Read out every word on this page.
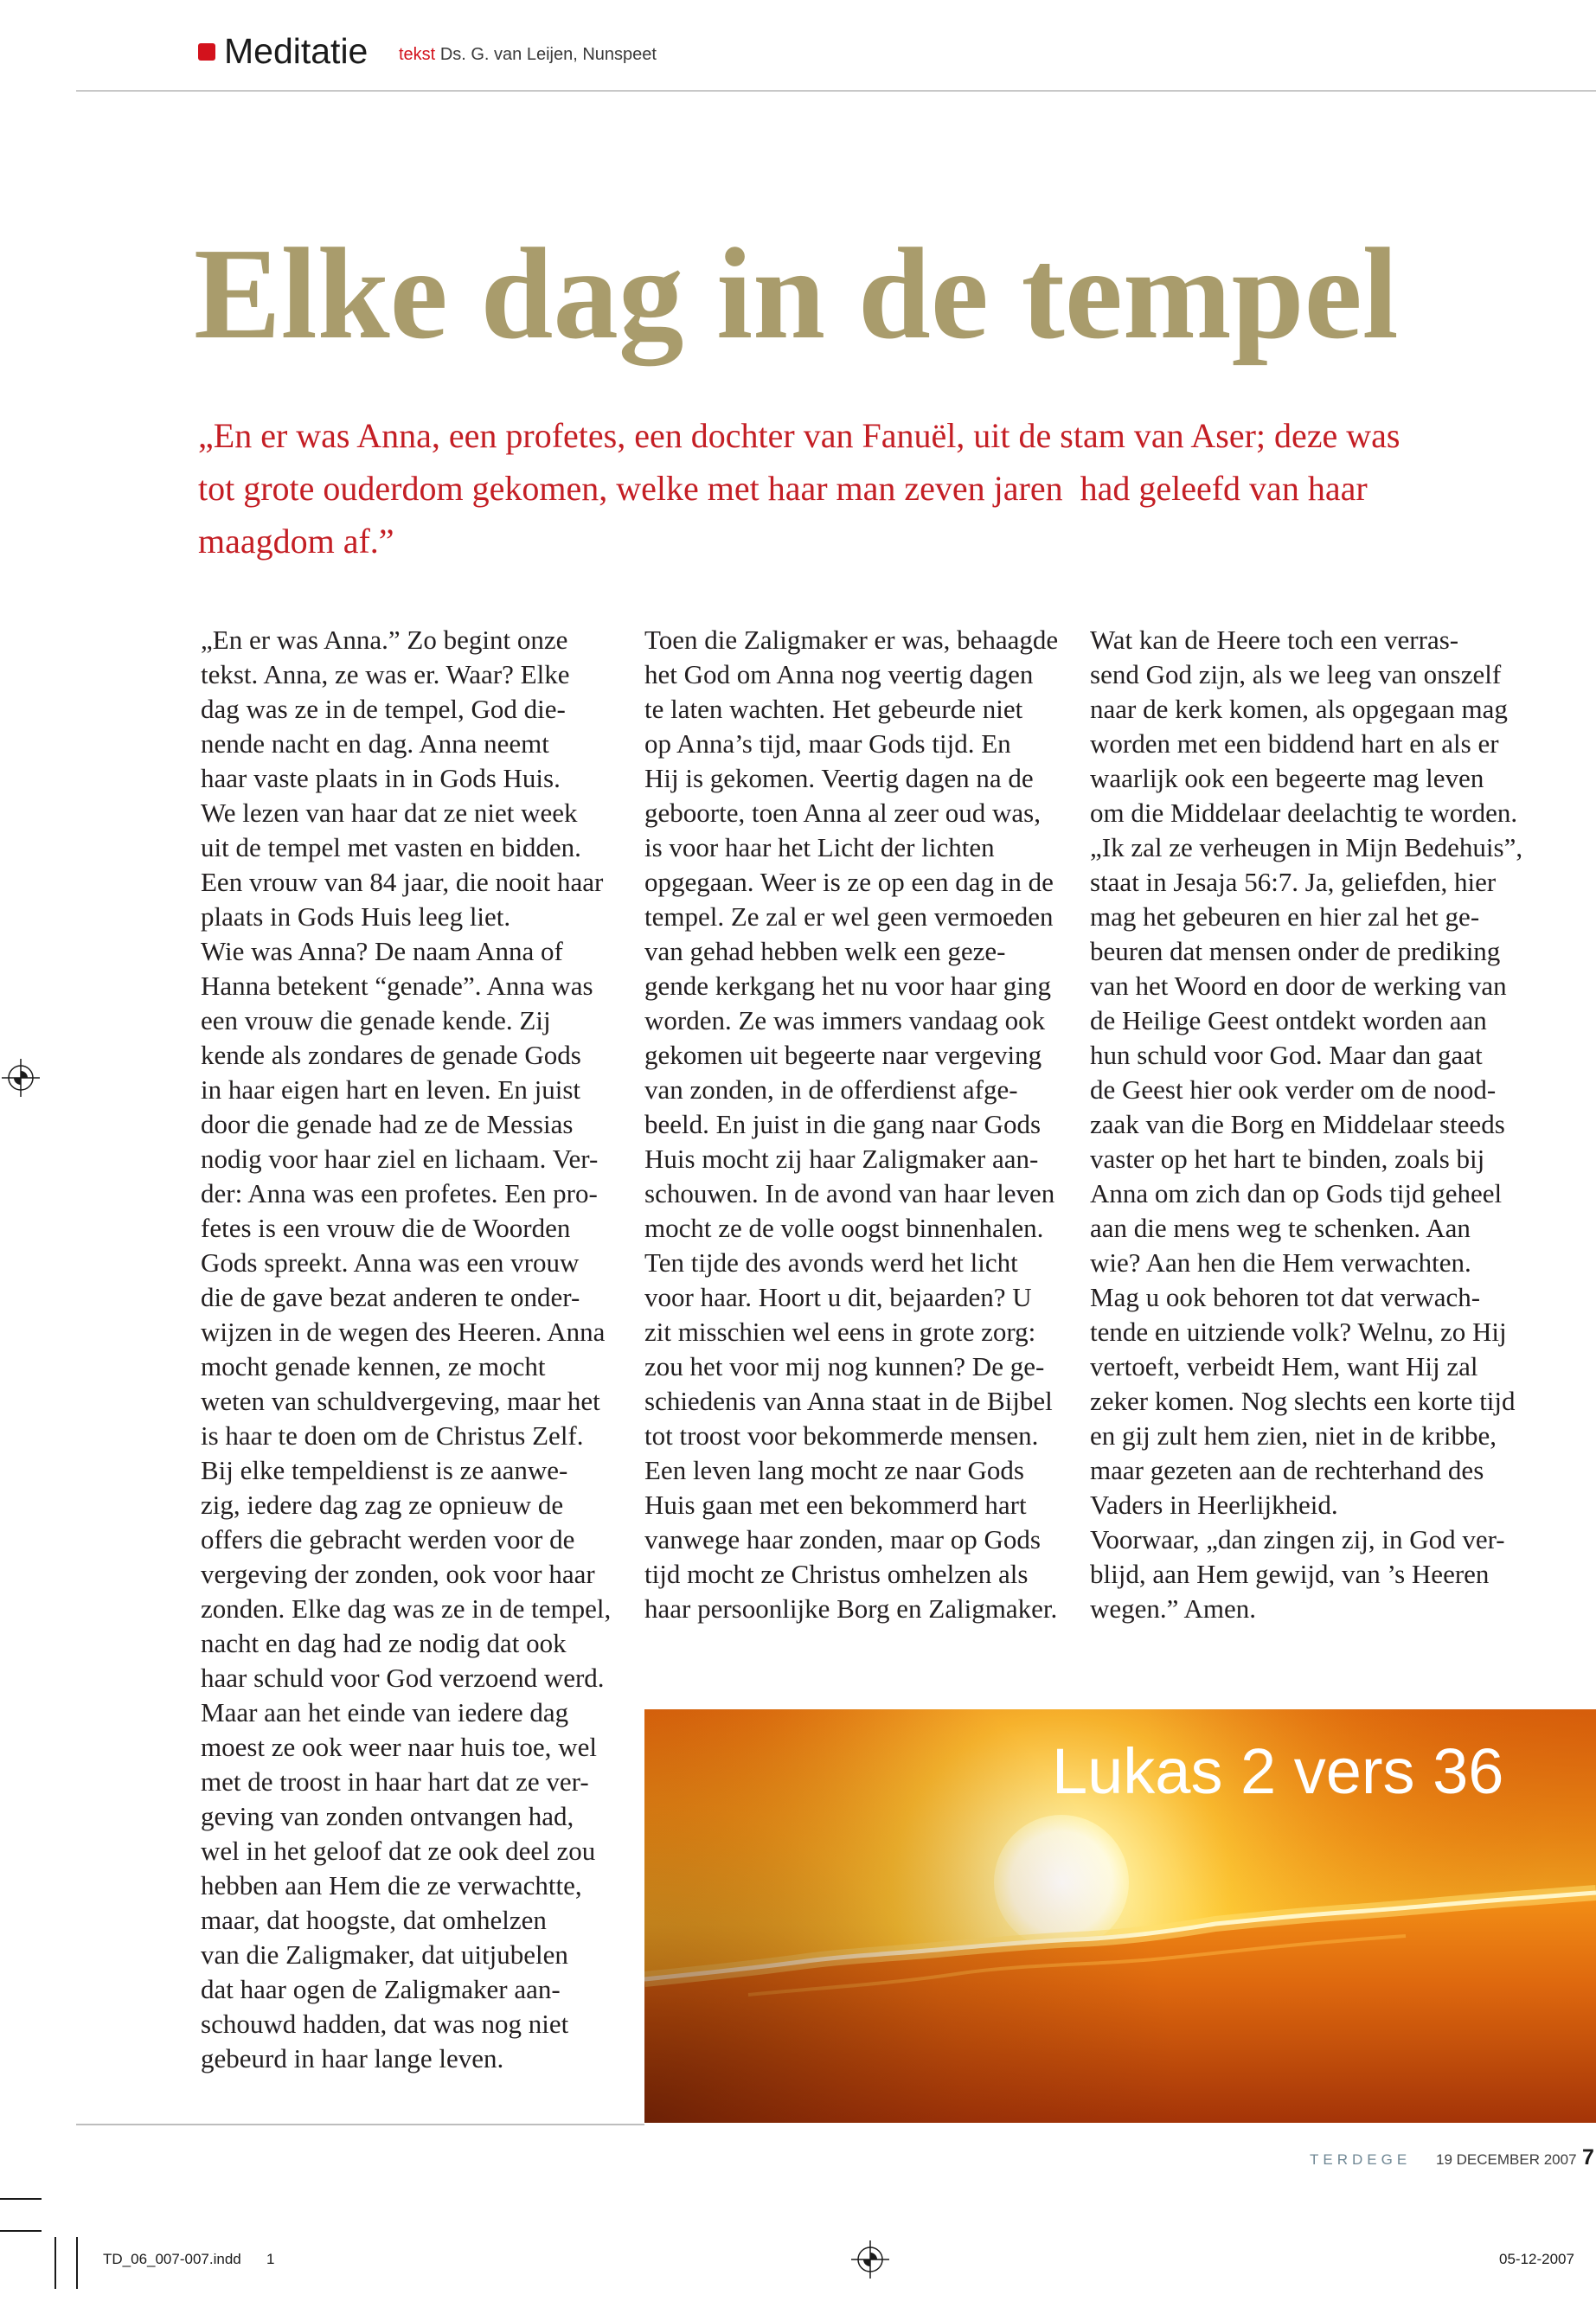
Meditatie tekst Ds. G. van Leijen, Nunspeet
Elke dag in de tempel
„En er was Anna, een profetes, een dochter van Fanuël, uit de stam van Aser; deze was
tot grote ouderdom gekomen, welke met haar man zeven jaren  had geleefd van haar
maagdom af.”
„En er was Anna.” Zo begint onze
tekst. Anna, ze was er. Waar? Elke
dag was ze in de tempel, God die-
nende nacht en dag. Anna neemt
haar vaste plaats in in Gods Huis.
We lezen van haar dat ze niet week
uit de tempel met vasten en bidden.
Een vrouw van 84 jaar, die nooit haar
plaats in Gods Huis leeg liet.
Wie was Anna? De naam Anna of
Hanna betekent “genade”. Anna was
een vrouw die genade kende. Zij
kende als zondares de genade Gods
in haar eigen hart en leven. En juist
door die genade had ze de Messias
nodig voor haar ziel en lichaam. Ver-
der: Anna was een profetes. Een pro-
fetes is een vrouw die de Woorden
Gods spreekt. Anna was een vrouw
die de gave bezat anderen te onder-
wijzen in de wegen des Heeren. Anna
mocht genade kennen, ze mocht
weten van schuldvergeving, maar het
is haar te doen om de Christus Zelf.
Bij elke tempeldienst is ze aanwe-
zig, iedere dag zag ze opnieuw de
offers die gebracht werden voor de
vergeving der zonden, ook voor haar
zonden. Elke dag was ze in de tempel,
nacht en dag had ze nodig dat ook
haar schuld voor God verzoend werd.
Maar aan het einde van iedere dag
moest ze ook weer naar huis toe, wel
met de troost in haar hart dat ze ver-
geving van zonden ontvangen had,
wel in het geloof dat ze ook deel zou
hebben aan Hem die ze verwachtte,
maar, dat hoogste, dat omhelzen
van die Zaligmaker, dat uitjubelen
dat haar ogen de Zaligmaker aan-
schouwd hadden, dat was nog niet
gebeurd in haar lange leven.
Toen die Zaligmaker er was, behaagde
het God om Anna nog veertig dagen
te laten wachten. Het gebeurde niet
op Anna’s tijd, maar Gods tijd. En
Hij is gekomen. Veertig dagen na de
geboorte, toen Anna al zeer oud was,
is voor haar het Licht der lichten
opgegaan. Weer is ze op een dag in de
tempel. Ze zal er wel geen vermoeden
van gehad hebben welk een geze-
gende kerkgang het nu voor haar ging
worden. Ze was immers vandaag ook
gekomen uit begeerte naar vergeving
van zonden, in de offerdienst afge-
beeld. En juist in die gang naar Gods
Huis mocht zij haar Zaligmaker aan-
schouwen. In de avond van haar leven
mocht ze de volle oogst binnenhalen.
Ten tijde des avonds werd het licht
voor haar. Hoort u dit, bejaarden? U
zit misschien wel eens in grote zorg:
zou het voor mij nog kunnen? De ge-
schiedenis van Anna staat in de Bijbel
tot troost voor bekommerde mensen.
Een leven lang mocht ze naar Gods
Huis gaan met een bekommerd hart
vanwege haar zonden, maar op Gods
tijd mocht ze Christus omhelzen als
haar persoonlijke Borg en Zaligmaker.
Wat kan de Heere toch een verras-
send God zijn, als we leeg van onszelf
naar de kerk komen, als opgegaan mag
worden met een biddend hart en als er
waarlijk ook een begeerte mag leven
om die Middelaar deelachtig te worden.
„Ik zal ze verheugen in Mijn Bedehuis”,
staat in Jesaja 56:7. Ja, geliefden, hier
mag het gebeuren en hier zal het ge-
beuren dat mensen onder de prediking
van het Woord en door de werking van
de Heilige Geest ontdekt worden aan
hun schuld voor God. Maar dan gaat
de Geest hier ook verder om de nood-
zaak van die Borg en Middelaar steeds
vaster op het hart te binden, zoals bij
Anna om zich dan op Gods tijd geheel
aan die mens weg te schenken. Aan
wie? Aan hen die Hem verwachten.
Mag u ook behoren tot dat verwach-
tende en uitziende volk? Welnu, zo Hij
vertoeft, verbeidt Hem, want Hij zal
zeker komen. Nog slechts een korte tijd
en gij zult hem zien, niet in de kribbe,
maar gezeten aan de rechterhand des
Vaders in Heerlijkheid.
Voorwaar, „dan zingen zij, in God ver-
blijd, aan Hem gewijd, van ’s Heeren
wegen.” Amen.
Lukas 2 vers 36
TERDEGE 19 DECEMBER 2007 7
TD_06_007-007.indd 1	05-12-2007
